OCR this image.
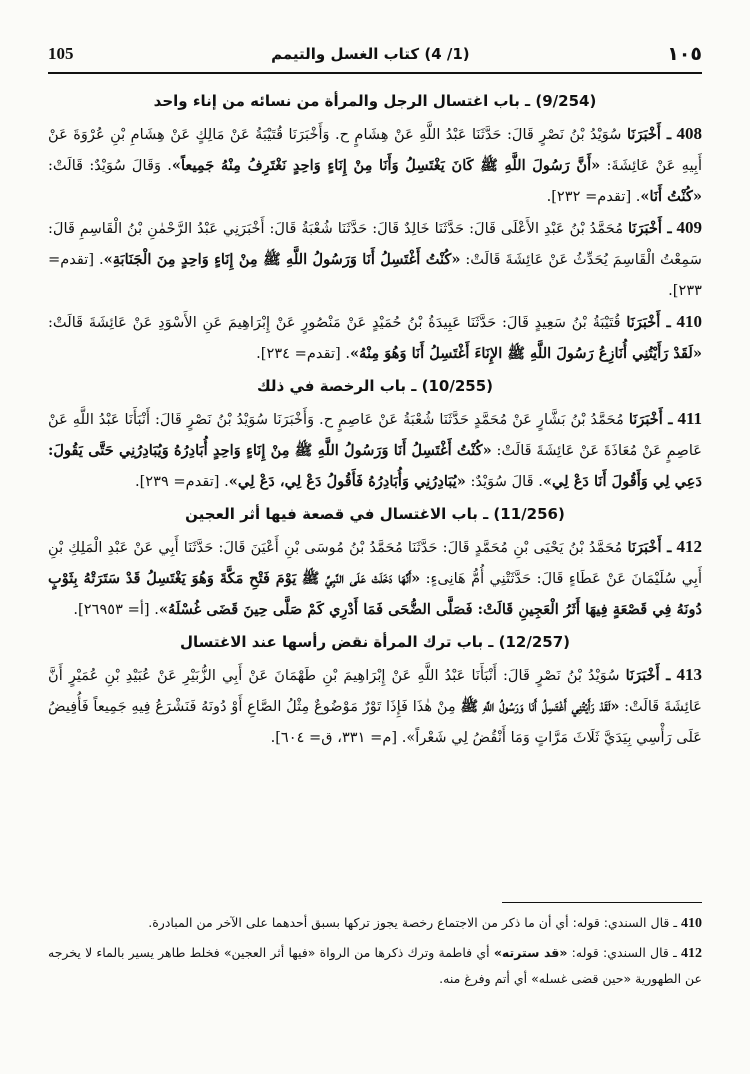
105	(1/ 4) كتاب الغسل والتيمم	١٠٥
(9/254) ـ باب اغتسال الرجل والمرأة من نسائه من إناء واحد

408 ـ أَخْبَرَنَا سُوَيْدُ بْنُ نَصْرٍ قَالَ: حَدَّثَنَا عَبْدُ اللَّهِ عَنْ هِشَامٍ ح. وَأَخْبَرَنَا قُتَيْبَةُ عَنْ مَالِكٍ عَنْ هِشَامِ بْنِ عُرْوَةَ عَنْ أَبِيهِ عَنْ عَائِشَةَ: «أَنَّ رَسُولَ اللَّهِ ﷺ كَانَ يَغْتَسِلُ وَأَنَا مِنْ إِنَاءٍ وَاحِدٍ نَغْتَرِفُ مِنْهُ جَمِيعاً». وَقَالَ سُوَيْدٌ: قَالَتْ: «كُنْتُ أَنَا». [تقدم= ٢٣٢].

409 ـ أَخْبَرَنَا مُحَمَّدُ بْنُ عَبْدِ الأَعْلَى قَالَ: حَدَّثَنَا خَالِدٌ قَالَ: حَدَّثَنَا شُعْبَةُ قَالَ: أَخْبَرَنِي عَبْدُ الرَّحْمٰنِ بْنُ الْقَاسِمِ قَالَ: سَمِعْتُ الْقَاسِمَ يُحَدِّثُ عَنْ عَائِشَةَ قَالَتْ: «كُنْتُ أَغْتَسِلُ أَنَا وَرَسُولُ اللَّهِ ﷺ مِنْ إِنَاءٍ وَاحِدٍ مِنَ الْجَنَابَةِ». [تقدم= ٢٣٣].

410 ـ أَخْبَرَنَا قُتَيْبَةُ بْنُ سَعِيدٍ قَالَ: حَدَّثَنَا عَبِيدَةُ بْنُ حُمَيْدٍ عَنْ مَنْصُورٍ عَنْ إِبْرَاهِيمَ عَنِ الأَسْوَدِ عَنْ عَائِشَةَ قَالَتْ: «لَقَدْ رَأَيْتُنِي أُنَازِعُ رَسُولَ اللَّهِ ﷺ الإِنَاءَ أَغْتَسِلُ أَنَا وَهُوَ مِنْهُ». [تقدم= ٢٣٤].

(10/255) ـ باب الرخصة في ذلك

411 ـ أَخْبَرَنَا مُحَمَّدُ بْنُ بَشَّارٍ عَنْ مُحَمَّدٍ حَدَّثَنَا شُعْبَةُ عَنْ عَاصِمٍ ح. وَأَخْبَرَنَا سُوَيْدُ بْنُ نَصْرٍ قَالَ: أَنْبَأَنَا عَبْدُ اللَّهِ عَنْ عَاصِمٍ عَنْ مُعَاذَةَ عَنْ عَائِشَةَ قَالَتْ: «كُنْتُ أَغْتَسِلُ أَنَا وَرَسُولُ اللَّهِ ﷺ مِنْ إِنَاءٍ وَاحِدٍ أُبَادِرُهُ وَيُبَادِرُنِي حَتَّى يَقُولَ: دَعِي لِي وَأَقُولَ أَنَا دَعْ لِي». قَالَ سُوَيْدٌ: «يُبَادِرُنِي وَأُبَادِرُهُ فَأَقُولُ دَعْ لِي، دَعْ لِي». [تقدم= ٢٣٩].

(11/256) ـ باب الاغتسال في قصعة فيها أثر العجين

412 ـ أَخْبَرَنَا مُحَمَّدُ بْنُ يَحْيَى بْنِ مُحَمَّدٍ قَالَ: حَدَّثَنَا مُحَمَّدُ بْنُ مُوسَى بْنِ أَعْيَنَ قَالَ: حَدَّثَنَا أَبِي عَنْ عَبْدِ الْمَلِكِ بْنِ أَبِي سُلَيْمَانَ عَنْ عَطَاءٍ قَالَ: حَدَّثَتْنِي أُمُّ هَانِىءٍ: «أَنَّهَا دَخَلَتْ عَلَى النَّبِيِّ ﷺ يَوْمَ فَتْحِ مَكَّةَ وَهُوَ يَغْتَسِلُ قَدْ سَتَرَتْهُ بِثَوْبٍ دُونَهُ فِي قَصْعَةٍ فِيهَا أَثَرُ الْعَجِينِ قَالَتْ: فَصَلَّى الضُّحَى فَمَا أَدْرِي كَمْ صَلَّى حِينَ قَضَى غُسْلَهُ». [أ= ٢٦٩٥٣].

(12/257) ـ باب ترك المرأة نقض رأسها عند الاغتسال

413 ـ أَخْبَرَنَا سُوَيْدُ بْنُ نَصْرٍ قَالَ: أَنْبَأَنَا عَبْدُ اللَّهِ عَنْ إِبْرَاهِيمَ بْنِ طَهْمَانَ عَنْ أَبِي الزُّبَيْرِ عَنْ عُبَيْدِ بْنِ عُمَيْرٍ أَنَّ عَائِشَةَ قَالَتْ: «لَقَدْ رَأَيْتُنِي أَغْتَسِلُ أَنَا وَرَسُولُ اللَّهِ ﷺ مِنْ هٰذَا فَإِذَا تَوْرٌ مَوْضُوعٌ مِثْلُ الصَّاعِ أَوْ دُونَهُ فَنَشْرَعُ فِيهِ جَمِيعاً فَأُفِيضُ عَلَى رَأْسِي بِيَدَيَّ ثَلَاثَ مَرَّاتٍ وَمَا أَنْقُضُ لِي شَعْراً». [م= ٣٣١، ق= ٦٠٤].

410 ـ قال السندي: قوله: أي أن ما ذكر من الاجتماع رخصة يجوز تركها بسبق أحدهما على الآخر من المبادرة.

412 ـ قال السندي: قوله: «قد سترته» أي فاطمة وترك ذكرها من الرواة «فيها أثر العجين» فخلط طاهر يسير بالماء لا يخرجه عن الطهورية «حين قضى غسله» أي أتم وفرغ منه.
